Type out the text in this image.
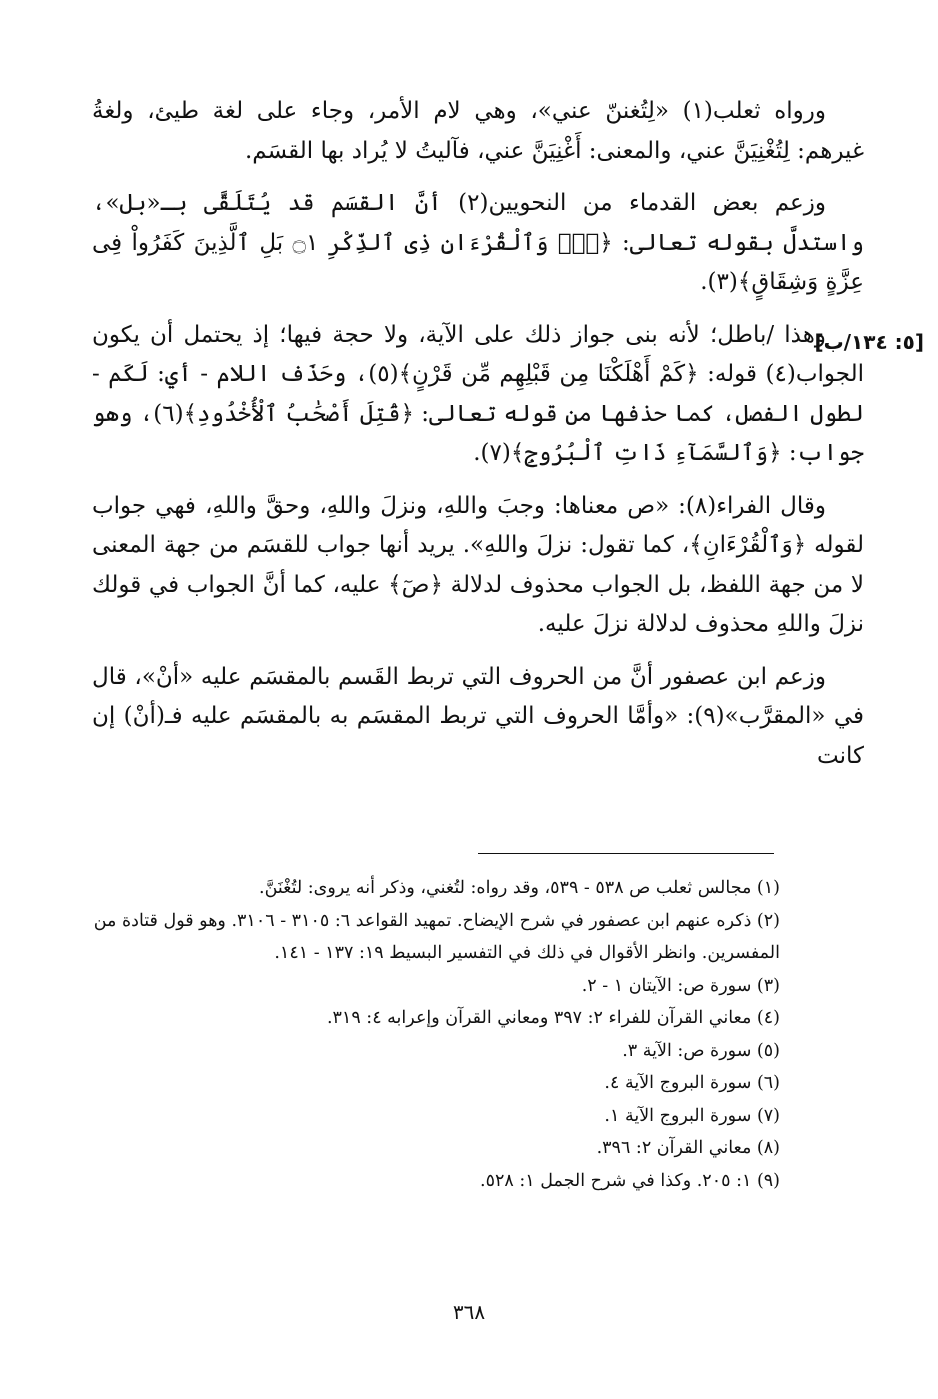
[٥: ١٣٤/ب]

ورواه ثعلب(١) «لِتُغننّ عني»، وهي لام الأمر، وجاء على لغة طيئ، ولغةُ غيرهم: لِتُغْنِيَنَّ عني، والمعنى: أَغْنِيَنَّ عني، فآليتُ لا يُراد بها القسَم.

وزعم بعض القدماء من النحويين(٢) أنَّ القسَم قد يُتَلَقَّى بـ«بل»، واستدلَّ بقوله تعالى: ﴿صٓۚ وَٱلْقُرْءَانِ ذِى ٱلذِّكْرِ ۝١ بَلِ ٱلَّذِينَ كَفَرُواْ فِى عِزَّةٍ وَشِقَاقٍ﴾(٣).

وهذا /باطل؛ لأنه بنى جواز ذلك على الآية، ولا حجة فيها؛ إذ يحتمل أن يكون الجواب(٤) قوله: ﴿كَمْ أَهْلَكْنَا مِن قَبْلِهِم مِّن قَرْنٍ﴾(٥)، وحَذَف اللام - أي: لَكَم - لطول الفصل، كما حذفها من قوله تعالى: ﴿قُتِلَ أَصْحَٰبُ ٱلْأُخْدُودِ﴾(٦)، وهو جواب: ﴿وَٱلسَّمَآءِ ذَاتِ ٱلْبُرُوجِ﴾(٧).

وقال الفراء(٨): «ص معناها: وجبَ واللهِ، ونزلَ واللهِ، وحقَّ واللهِ، فهي جواب لقوله ﴿وَٱلْقُرْءَانِ﴾، كما تقول: نزلَ واللهِ». يريد أنها جواب للقسَم من جهة المعنى لا من جهة اللفظ، بل الجواب محذوف لدلالة ﴿صٓ﴾ عليه، كما أنَّ الجواب في قولك نزلَ واللهِ محذوف لدلالة نزلَ عليه.

وزعم ابن عصفور أنَّ من الحروف التي تربط القَسم بالمقسَم عليه «أنْ»، قال في «المقرَّب»(٩): «وأمَّا الحروف التي تربط المقسَم به بالمقسَم عليه فـ(أنْ) إن كانت

(١) مجالس ثعلب ص ٥٣٨ - ٥٣٩، وقد رواه: لتُغني، وذكر أنه يروى: لتُغْنَنَّ.

(٢) ذكره عنهم ابن عصفور في شرح الإيضاح. تمهيد القواعد ٦: ٣١٠٥ - ٣١٠٦. وهو قول قتادة من المفسرين. وانظر الأقوال في ذلك في التفسير البسيط ١٩: ١٣٧ - ١٤١.

(٣) سورة ص: الآيتان ١ - ٢.

(٤) معاني القرآن للفراء ٢: ٣٩٧ ومعاني القرآن وإعرابه ٤: ٣١٩.

(٥) سورة ص: الآية ٣.

(٦) سورة البروج الآية ٤.

(٧) سورة البروج الآية ١.

(٨) معاني القرآن ٢: ٣٩٦.

(٩) ١: ٢٠٥. وكذا في شرح الجمل ١: ٥٢٨.

٣٦٨
